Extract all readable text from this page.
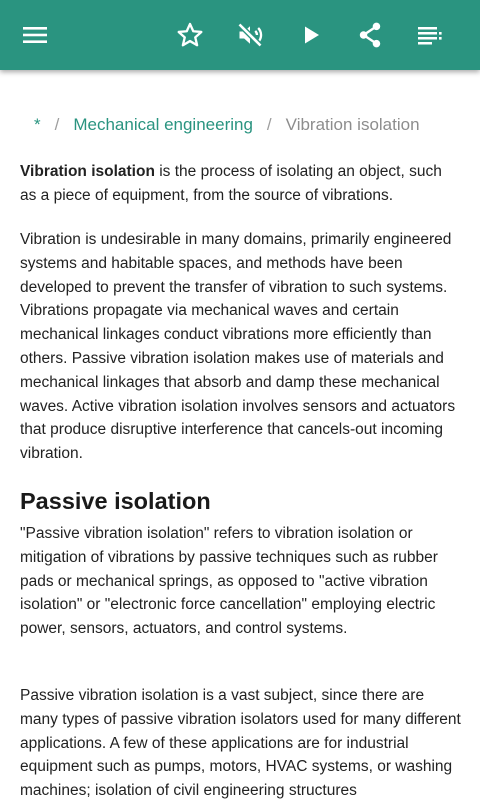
* / Mechanical engineering / Vibration isolation

Vibration isolation is the process of isolating an object, such as a piece of equipment, from the source of vibrations.

Vibration is undesirable in many domains, primarily engineered systems and habitable spaces, and methods have been developed to prevent the transfer of vibration to such systems. Vibrations propagate via mechanical waves and certain mechanical linkages conduct vibrations more efficiently than others. Passive vibration isolation makes use of materials and mechanical linkages that absorb and damp these mechanical waves. Active vibration isolation involves sensors and actuators that produce disruptive interference that cancels-out incoming vibration.

Passive isolation

"Passive vibration isolation" refers to vibration isolation or mitigation of vibrations by passive techniques such as rubber pads or mechanical springs, as opposed to "active vibration isolation" or "electronic force cancellation" employing electric power, sensors, actuators, and control systems.

Passive vibration isolation is a vast subject, since there are many types of passive vibration isolators used for many different applications. A few of these applications are for industrial equipment such as pumps, motors, HVAC systems, or washing machines; isolation of civil engineering structures
